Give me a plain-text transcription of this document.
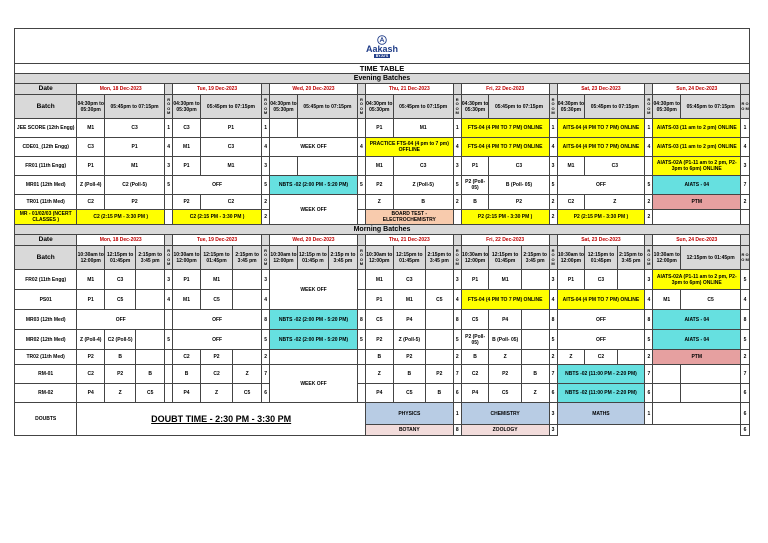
Aakash
BYJU'S																											

TIME TABLE																											
Evening Batches																											
Date	Mon, 18 Dec-2023				Tue, 19 Dec-2023				Wed, 20 Dec-2023				Thu, 21 Dec-2023				Fri, 22 Dec-2023				Sat, 23 Dec-2023				Sun, 24 Dec-2023		
Batch	04:30pm to 05:30pm	05:45pm to 07:15pm		R O O M	04:30pm to 05:30pm	05:45pm to 07:15pm		R O O M	04:30pm to 05:30pm	05:45pm to 07:15pm		R O O M	04:30pm to 05:30pm	05:45pm to 07:15pm		R O O M	04:30pm to 05:30pm	05:45pm to 07:15pm		R O O M	04:30pm to 05:30pm	05:45pm to 07:15pm		R O O M	04:30pm to 05:30pm	05:45pm to 07:15pm	R O O M
JEE SCORE (12th Engg)	M1	C3		1	C3	P1		1					P1	M1		1	FTS-04 (4 PM TO 7 PM) ONLINE			1	AITS-04 (4 PM TO 7 PM) ONLINE			1	AIATS-03 (11 am to 2 pm) ONLINE		1
CDE01_(12th Engg)	C3	P1		4	M1	C3		4	WEEK OFF			4	PRACTICE FTS-04 (4 pm to 7 pm) OFFLINE			4	FTS-04 (4 PM TO 7 PM) ONLINE			4	AITS-04 (4 PM TO 7 PM) ONLINE			4	AIATS-03 (11 am to 2 pm) ONLINE		4
FR01 (11th Engg)	P1	M1		3	P1	M1		3					M1	C3		3	P1	C3		3	M1	C3			AIATS-02A (P1-11 am to 2 pm, P2-3pm to 6pm) ONLINE		3
MR01 (12th Med)	Z (Poll-4)	C2 (Poll-5)		5	OFF			5	NBTS -02 (2:00 PM - 5:20 PM)			5	P2	Z (Poll-5)		5	P2 (Poll-05)	B (Poll- 05)		5	OFF			5	AIATS - 04		7
TR01 (11th Med)	C2	P2			P2	C2		2	WEEK OFF				Z	B		2	B	P2		2	C2	Z		2	PTM		2
MR - 01/02/03 (NCERT CLASSES )	C2 (2:15 PM - 3:30 PM )				C2 (2:15 PM - 3:30 PM )			2					BOARD TEST - ELECTROCHEMISTRY				P2 (2:15 PM - 3:30 PM )			2	P2 (2:15 PM - 3:30 PM )			2			
Morning Batches																											
Date	Mon, 18 Dec-2023				Tue, 19 Dec-2023				Wed, 20 Dec-2023				Thu, 21 Dec-2023				Fri, 22 Dec-2023				Sat, 23 Dec-2023				Sun, 24 Dec-2023		
Batch	10:30am to 12:00pm	12:15pm to 01:45pm	2:15pm to 3:45 pm	R O O M	10:30am to 12:00pm	12:15pm to 01:45pm	2:15pm to 3:45 pm	R O O M	10:30am to 12:00pm	12:15p m to 01:45p m	2:15p m to 3:45 pm	R O O M	10:30am to 12:00pm	12:15pm to 01:45pm	2:15pm to 3:45 pm	R O O M	10:30am to 12:00pm	12:15pm to 01:45pm	2:15pm to 3:45 pm	R O O M	10:30am to 12:00pm	12:15pm to 01:45pm	2:15pm to 3:45 pm	R O O M	10:30am to 12:00pm	12:15pm to 01:45pm	R O O M
FR02 (11th Engg)	M1	C3		3	P1	M1		3	WEEK OFF				M1	C3		3	P1	M1		3	P1	C3		3	AIATS-02A (P1-11 am to 2 pm, P2-3pm to 6pm) ONLINE		5
PS01	P1	C5		4	M1	C5		4					P1	M1	C5	4	FTS-04 (4 PM TO 7 PM) ONLINE			4	AITS-04 (4 PM TO 7 PM) ONLINE			4	M1	C5	4
MR03 (12th Med)	OFF				OFF			8	NBTS -02 (2:00 PM - 5:20 PM)			8	C5	P4		8	C5	P4		8	OFF			8	AIATS - 04		8
MR02 (12th Med)	Z (Poll-4)	C2 (Poll-5)		5	OFF			5	NBTS -02 (2:00 PM - 5:20 PM)			5	P2	Z (Poll-5)		5	P2 (Poll-05)	B (Poll- 05)		5	OFF			5	AIATS - 04		5
TR02 (11th Med)	P2	B			C2	P2		2					B	P2		2	B	Z		2	Z	C2		2	PTM		2
RM-01	C2	P2	B		B	C2	Z	7	WEEK OFF				Z	B	P2	7	C2	P2	B	7	NBTS -02 (11:00 PM - 2:20 PM)			7			7
RM-02	P4	Z	C5		P4	Z	C5	6					P4	C5	B	6	P4	C5	Z	6	NBTS -02 (11:00 PM - 2:20 PM)			6			6
DOUBTS	DOUBT TIME - 2:30 PM - 3:30 PM												PHYSICS			1	CHEMISTRY			3	MATHS			1			6
													BOTANY			8	ZOOLOGY			3							6
